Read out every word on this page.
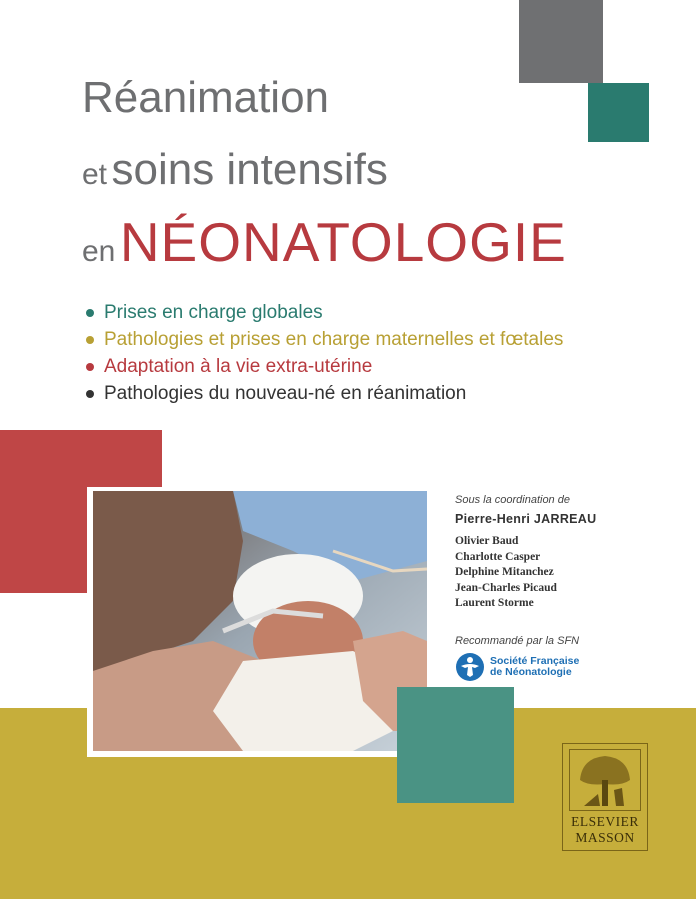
Réanimation
et soins intensifs
en NÉONATOLOGIE
Prises en charge globales
Pathologies et prises en charge maternelles et fœtales
Adaptation à la vie extra-utérine
Pathologies du nouveau-né en réanimation
Sous la coordination de
Pierre-Henri JARREAU
Olivier Baud
Charlotte Casper
Delphine Mitanchez
Jean-Charles Picaud
Laurent Storme
Recommandé par la SFN
Société Française
de Néonatologie
ELSEVIER
MASSON
